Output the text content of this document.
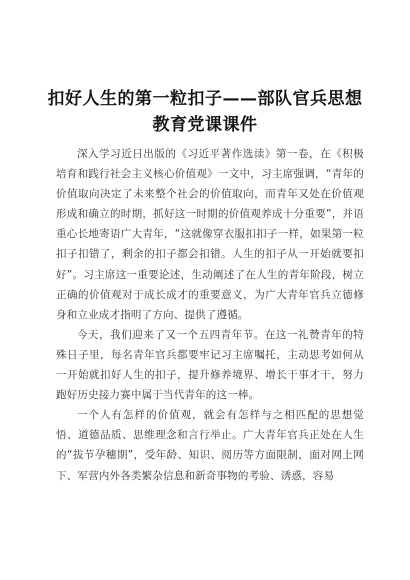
扣好人生的第一粒扣子——部队官兵思想
教育党课课件

深入学习近日出版的《习近平著作选读》第一卷，在《积极培育和践行社会主义核心价值观》一文中，习主席强调，“青年的价值取向决定了未来整个社会的价值取向，而青年又处在价值观形成和确立的时期，抓好这一时期的价值观养成十分重要”，并语重心长地寄语广大青年，“这就像穿衣服扣扣子一样，如果第一粒扣子扣错了，剩余的扣子都会扣错。人生的扣子从一开始就要扣好”。习主席这一重要论述，生动阐述了在人生的青年阶段，树立正确的价值观对于成长成才的重要意义，为广大青年官兵立德修身和立业成才指明了方向、提供了遵循。

今天，我们迎来了又一个五四青年节。在这一礼赞青年的特殊日子里，每名青年官兵都要牢记习主席嘱托，主动思考如何从一开始就扣好人生的扣子，提升修养境界、增长干事才干，努力跑好历史接力赛中属于当代青年的这一棒。

一个人有怎样的价值观，就会有怎样与之相匹配的思想觉悟、道德品质、思维理念和言行举止。广大青年官兵正处在人生的“拔节孕穗期”，受年龄、知识、阅历等方面限制，面对网上网下、军营内外各类繁杂信息和新奇事物的考验、诱惑，容易
